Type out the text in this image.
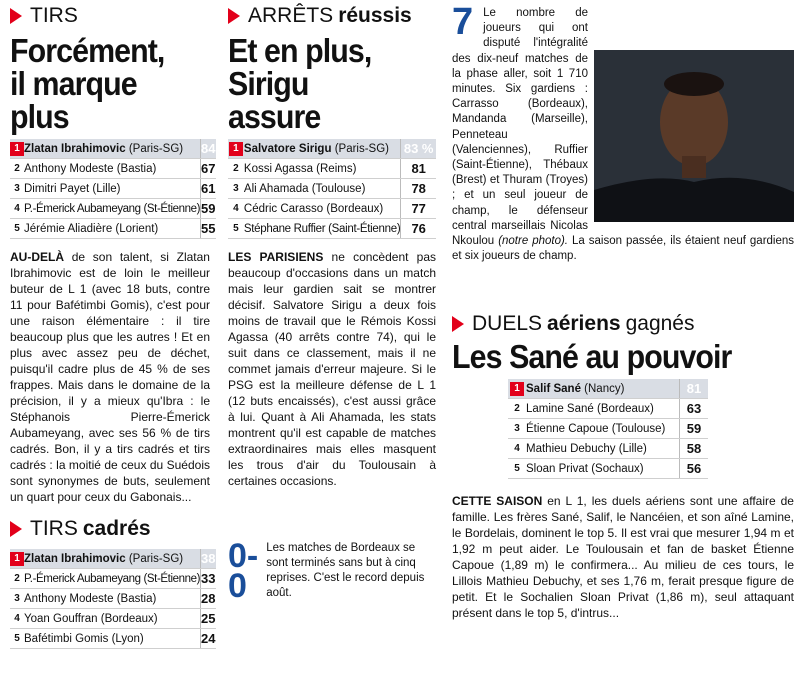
TIRS
Forcément,
il marque
plus
1	Zlatan Ibrahimovic (Paris-SG)	84
2	Anthony Modeste (Bastia)	67
3	Dimitri Payet (Lille)	61
4	P.-Émerick Aubameyang (St-Étienne)	59
5	Jérémie Aliadière (Lorient)	55

AU-DELÀ de son talent, si Zlatan Ibrahimovic est de loin le meilleur buteur de L 1 (avec 18 buts, contre 11 pour Bafétimbi Gomis), c'est pour une raison élémentaire : il tire beaucoup plus que les autres ! Et en plus avec assez peu de déchet, puisqu'il cadre plus de 45 % de ses frappes. Mais dans le domaine de la précision, il y a mieux qu'Ibra : le Stéphanois Pierre-Émerick Aubameyang, avec ses 56 % de tirs cadrés. Bon, il y a tirs cadrés et tirs cadrés : la moitié de ceux du Suédois sont synonymes de buts, seulement un quart pour ceux du Gabonais...

TIRS cadrés
1	Zlatan Ibrahimovic (Paris-SG)	38
2	P.-Émerick Aubameyang (St-Étienne)	33
3	Anthony Modeste (Bastia)	28
4	Yoan Gouffran (Bordeaux)	25
5	Bafétimbi Gomis (Lyon)	24
ARRÊTS réussis
Et en plus,
Sirigu
assure
1	Salvatore Sirigu (Paris-SG)	83 %
2	Kossi Agassa (Reims)	81
3	Ali Ahamada (Toulouse)	78
4	Cédric Carasso (Bordeaux)	77
5	Stéphane Ruffier (Saint-Étienne)	76

LES PARISIENS ne concèdent pas beaucoup d'occasions dans un match mais leur gardien sait se montrer décisif. Salvatore Sirigu a deux fois moins de travail que le Rémois Kossi Agassa (40 arrêts contre 74), qui le suit dans ce classement, mais il ne commet jamais d'erreur majeure. Si le PSG est la meilleure défense de L 1 (12 buts encaissés), c'est aussi grâce à lui. Quant à Ali Ahamada, les stats montrent qu'il est capable de matches extraordinaires mais elles masquent les trous d'air du Toulousain à certaines occasions.

0-0
Les matches de Bordeaux se sont terminés sans but à cinq reprises. C'est le record depuis août.
7 Le nombre de joueurs qui ont disputé l'intégralité des dix-neuf matches de la phase aller, soit 1 710 minutes. Six gardiens : Carrasso (Bordeaux), Mandanda (Marseille), Penneteau (Valenciennes), Ruffier (Saint-Étienne), Thébaux (Brest) et Thuram (Troyes) ; et un seul joueur de champ, le défenseur central marseillais Nicolas Nkoulou (notre photo). La saison passée, ils étaient neuf gardiens et six joueurs de champ.
DUELS aériens gagnés
Les Sané au pouvoir
1	Salif Sané (Nancy)	81
2	Lamine Sané (Bordeaux)	63
3	Étienne Capoue (Toulouse)	59
4	Mathieu Debuchy (Lille)	58
5	Sloan Privat (Sochaux)	56

CETTE SAISON en L 1, les duels aériens sont une affaire de famille. Les frères Sané, Salif, le Nancéien, et son aîné Lamine, le Bordelais, dominent le top 5. Il est vrai que mesurer 1,94 m et 1,92 m peut aider. Le Toulousain et fan de basket Étienne Capoue (1,89 m) le confirmera... Au milieu de ces tours, le Lillois Mathieu Debuchy, et ses 1,76 m, ferait presque figure de petit. Et le Sochalien Sloan Privat (1,86 m), seul attaquant présent dans le top 5, d'intrus...
